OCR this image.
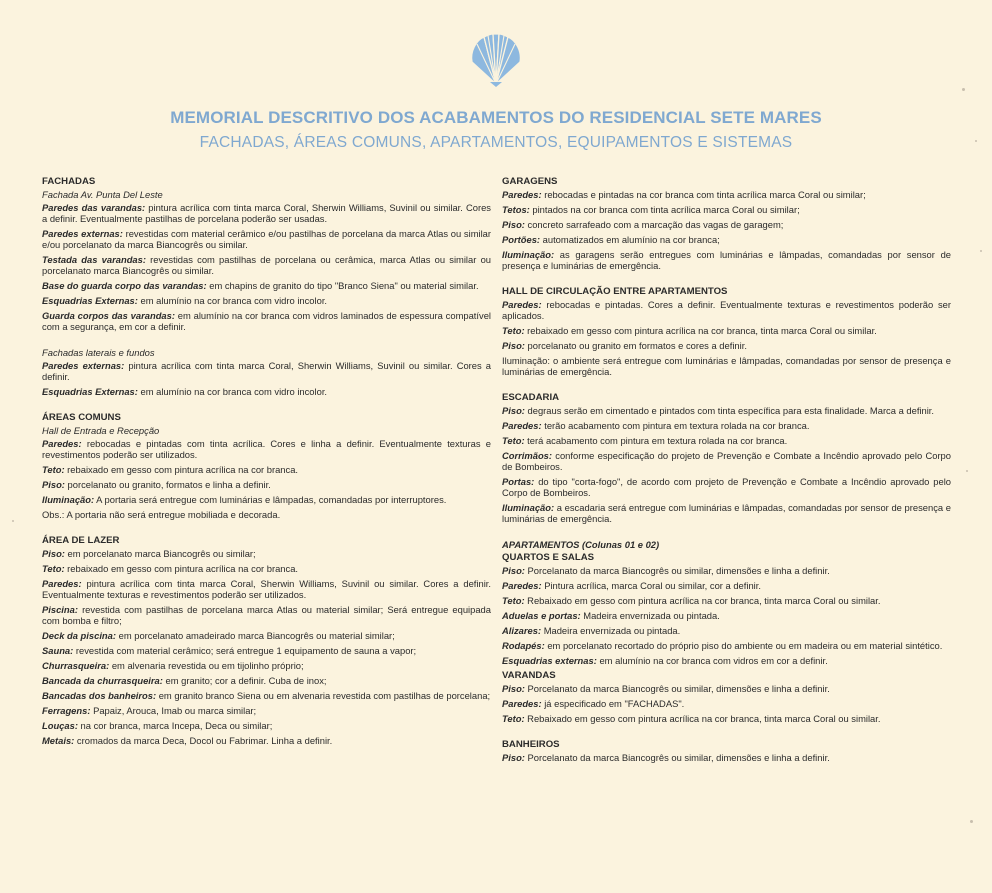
MEMORIAL DESCRITIVO DOS ACABAMENTOS DO RESIDENCIAL SETE MARES
FACHADAS, ÁREAS COMUNS, APARTAMENTOS, EQUIPAMENTOS E SISTEMAS
FACHADAS
Fachada Av. Punta Del Leste
Paredes das varandas: pintura acrílica com tinta marca Coral, Sherwin Williams, Suvinil ou similar. Cores a definir. Eventualmente pastilhas de porcelana poderão ser usadas.
Paredes externas: revestidas com material cerâmico e/ou pastilhas de porcelana da marca Atlas ou similar e/ou porcelanato da marca Biancogrês ou similar.
Testada das varandas: revestidas com pastilhas de porcelana ou cerâmica, marca Atlas ou similar ou porcelanato marca Biancogrês ou similar.
Base do guarda corpo das varandas: em chapins de granito do tipo "Branco Siena" ou material similar.
Esquadrias Externas: em alumínio na cor branca com vidro incolor.
Guarda corpos das varandas: em alumínio na cor branca com vidros laminados de espessura compatível com a segurança, em cor a definir.
Fachadas laterais e fundos
Paredes externas: pintura acrílica com tinta marca Coral, Sherwin Williams, Suvinil ou similar. Cores a definir.
Esquadrias Externas: em alumínio na cor branca com vidro incolor.
ÁREAS COMUNS
Hall de Entrada e Recepção
Paredes: rebocadas e pintadas com tinta acrílica. Cores e linha a definir. Eventualmente texturas e revestimentos poderão ser utilizados.
Teto: rebaixado em gesso com pintura acrílica na cor branca.
Piso: porcelanato ou granito, formatos e linha a definir.
Iluminação: A portaria será entregue com luminárias e lâmpadas, comandadas por interruptores.
Obs.: A portaria não será entregue mobiliada e decorada.
ÁREA DE LAZER
Piso: em porcelanato marca Biancogrês ou similar;
Teto: rebaixado em gesso com pintura acrílica na cor branca.
Paredes: pintura acrílica com tinta marca Coral, Sherwin Williams, Suvinil ou similar. Cores a definir. Eventualmente texturas e revestimentos poderão ser utilizados.
Piscina: revestida com pastilhas de porcelana marca Atlas ou material similar; Será entregue equipada com bomba e filtro;
Deck da piscina: em porcelanato amadeirado marca Biancogrês ou material similar;
Sauna: revestida com material cerâmico; será entregue 1 equipamento de sauna a vapor;
Churrasqueira: em alvenaria revestida ou em tijolinho próprio;
Bancada da churrasqueira: em granito; cor a definir. Cuba de inox;
Bancadas dos banheiros: em granito branco Siena ou em alvenaria revestida com pastilhas de porcelana;
Ferragens: Papaiz, Arouca, Imab ou marca similar;
Louças: na cor branca, marca Incepa, Deca ou similar;
Metais: cromados da marca Deca, Docol ou Fabrimar. Linha a definir.
GARAGENS
Paredes: rebocadas e pintadas na cor branca com tinta acrílica marca Coral ou similar;
Tetos: pintados na cor branca com tinta acrílica marca Coral ou similar;
Piso: concreto sarrafeado com a marcação das vagas de garagem;
Portões: automatizados em alumínio na cor branca;
Iluminação: as garagens serão entregues com luminárias e lâmpadas, comandadas por sensor de presença e luminárias de emergência.
HALL DE CIRCULAÇÃO ENTRE APARTAMENTOS
Paredes: rebocadas e pintadas. Cores a definir. Eventualmente texturas e revestimentos poderão ser aplicados.
Teto: rebaixado em gesso com pintura acrílica na cor branca, tinta marca Coral ou similar.
Piso: porcelanato ou granito em formatos e cores a definir.
Iluminação: o ambiente será entregue com luminárias e lâmpadas, comandadas por sensor de presença e luminárias de emergência.
ESCADARIA
Piso: degraus serão em cimentado e pintados com tinta específica para esta finalidade. Marca a definir.
Paredes: terão acabamento com pintura em textura rolada na cor branca.
Teto: terá acabamento com pintura em textura rolada na cor branca.
Corrimãos: conforme especificação do projeto de Prevenção e Combate a Incêndio aprovado pelo Corpo de Bombeiros.
Portas: do tipo "corta-fogo", de acordo com projeto de Prevenção e Combate a Incêndio aprovado pelo Corpo de Bombeiros.
Iluminação: a escadaria será entregue com luminárias e lâmpadas, comandadas por sensor de presença e luminárias de emergência.
APARTAMENTOS (Colunas 01 e 02)
QUARTOS E SALAS
Piso: Porcelanato da marca Biancogrês ou similar, dimensões e linha a definir.
Paredes: Pintura acrílica, marca Coral ou similar, cor a definir.
Teto: Rebaixado em gesso com pintura acrílica na cor branca, tinta marca Coral ou similar.
Aduelas e portas: Madeira envernizada ou pintada.
Alizares: Madeira envernizada ou pintada.
Rodapés: em porcelanato recortado do próprio piso do ambiente ou em madeira ou em material sintético.
Esquadrias externas: em alumínio na cor branca com vidros em cor a definir.
VARANDAS
Piso: Porcelanato da marca Biancogrês ou similar, dimensões e linha a definir.
Paredes: já especificado em "FACHADAS".
Teto: Rebaixado em gesso com pintura acrílica na cor branca, tinta marca Coral ou similar.
BANHEIROS
Piso: Porcelanato da marca Biancogrês ou similar, dimensões e linha a definir.
